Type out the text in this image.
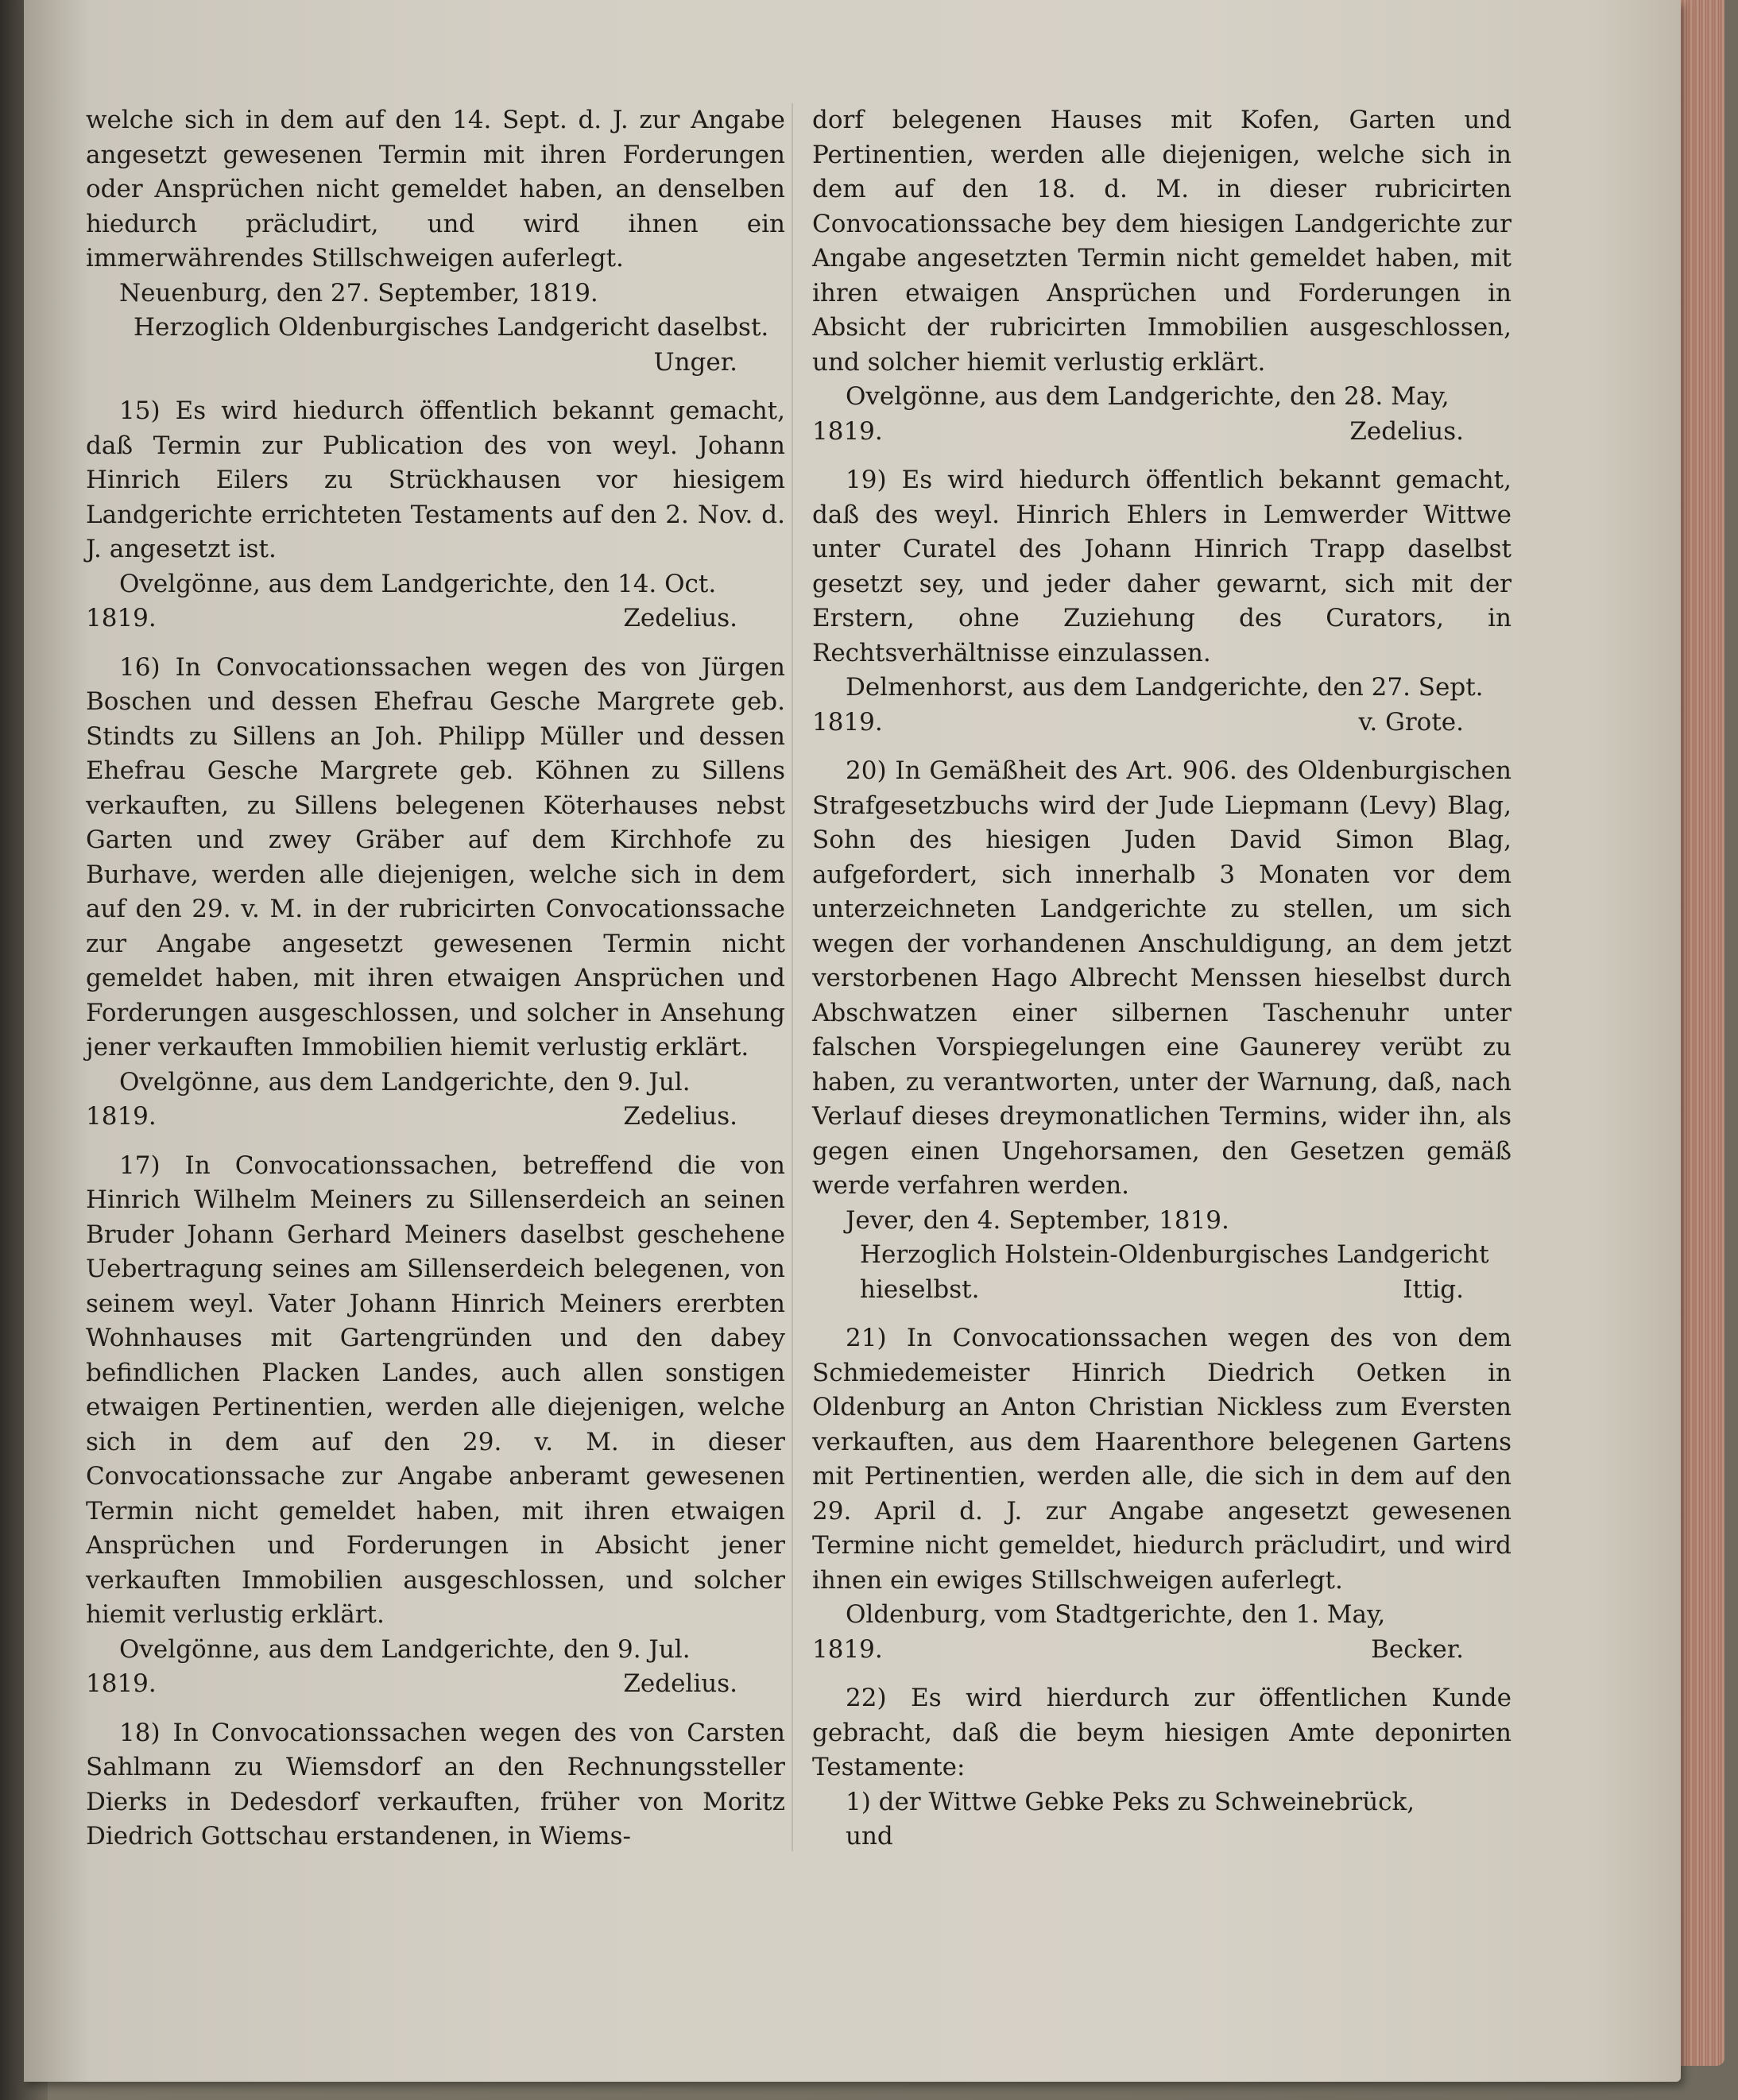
welche sich in dem auf den 14. Sept. d. J. zur Angabe angesetzt gewesenen Termin mit ihren Forderungen oder Ansprüchen nicht gemeldet haben, an denselben hiedurch präcludirt, und wird ihnen ein immerwährendes Stillschweigen auferlegt.

Neuenburg, den 27. September, 1819.

Herzoglich Oldenburgisches Landgericht daselbst.

Unger.

15) Es wird hiedurch öffentlich bekannt gemacht, daß Termin zur Publication des von weyl. Johann Hinrich Eilers zu Strückhausen vor hiesigem Landgerichte errichteten Testaments auf den 2. Nov. d. J. angesetzt ist.

Ovelgönne, aus dem Landgerichte, den 14. Oct.

1819.	Zedelius.

16) In Convocationssachen wegen des von Jürgen Boschen und dessen Ehefrau Gesche Margrete geb. Stindts zu Sillens an Joh. Philipp Müller und dessen Ehefrau Gesche Margrete geb. Köhnen zu Sillens verkauften, zu Sillens belegenen Köterhauses nebst Garten und zwey Gräber auf dem Kirchhofe zu Burhave, werden alle diejenigen, welche sich in dem auf den 29. v. M. in der rubricirten Convocationssache zur Angabe angesetzt gewesenen Termin nicht gemeldet haben, mit ihren etwaigen Ansprüchen und Forderungen ausgeschlossen, und solcher in Ansehung jener verkauften Immobilien hiemit verlustig erklärt.

Ovelgönne, aus dem Landgerichte, den 9. Jul.

1819.	Zedelius.

17) In Convocationssachen, betreffend die von Hinrich Wilhelm Meiners zu Sillenserdeich an seinen Bruder Johann Gerhard Meiners daselbst geschehene Uebertragung seines am Sillenserdeich belegenen, von seinem weyl. Vater Johann Hinrich Meiners ererbten Wohnhauses mit Gartengründen und den dabey befindlichen Placken Landes, auch allen sonstigen etwaigen Pertinentien, werden alle diejenigen, welche sich in dem auf den 29. v. M. in dieser Convocationssache zur Angabe anberamt gewesenen Termin nicht gemeldet haben, mit ihren etwaigen Ansprüchen und Forderungen in Absicht jener verkauften Immobilien ausgeschlossen, und solcher hiemit verlustig erklärt.

Ovelgönne, aus dem Landgerichte, den 9. Jul.

1819.	Zedelius.

18) In Convocationssachen wegen des von Carsten Sahlmann zu Wiemsdorf an den Rechnungssteller Dierks in Dedesdorf verkauften, früher von Moritz Diedrich Gottschau erstandenen, in Wiems-

dorf belegenen Hauses mit Kofen, Garten und Pertinentien, werden alle diejenigen, welche sich in dem auf den 18. d. M. in dieser rubricirten Convocationssache bey dem hiesigen Landgerichte zur Angabe angesetzten Termin nicht gemeldet haben, mit ihren etwaigen Ansprüchen und Forderungen in Absicht der rubricirten Immobilien ausgeschlossen, und solcher hiemit verlustig erklärt.

Ovelgönne, aus dem Landgerichte, den 28. May,

1819.	Zedelius.

19) Es wird hiedurch öffentlich bekannt gemacht, daß des weyl. Hinrich Ehlers in Lemwerder Wittwe unter Curatel des Johann Hinrich Trapp daselbst gesetzt sey, und jeder daher gewarnt, sich mit der Erstern, ohne Zuziehung des Curators, in Rechtsverhältnisse einzulassen.

Delmenhorst, aus dem Landgerichte, den 27. Sept.

1819.	v. Grote.

20) In Gemäßheit des Art. 906. des Oldenburgischen Strafgesetzbuchs wird der Jude Liepmann (Levy) Blag, Sohn des hiesigen Juden David Simon Blag, aufgefordert, sich innerhalb 3 Monaten vor dem unterzeichneten Landgerichte zu stellen, um sich wegen der vorhandenen Anschuldigung, an dem jetzt verstorbenen Hago Albrecht Menssen hieselbst durch Abschwatzen einer silbernen Taschenuhr unter falschen Vorspiegelungen eine Gaunerey verübt zu haben, zu verantworten, unter der Warnung, daß, nach Verlauf dieses dreymonatlichen Termins, wider ihn, als gegen einen Ungehorsamen, den Gesetzen gemäß werde verfahren werden.

Jever, den 4. September, 1819.

Herzoglich Holstein-Oldenburgisches Landgericht

hieselbst.	Ittig.

21) In Convocationssachen wegen des von dem Schmiedemeister Hinrich Diedrich Oetken in Oldenburg an Anton Christian Nickless zum Eversten verkauften, aus dem Haarenthore belegenen Gartens mit Pertinentien, werden alle, die sich in dem auf den 29. April d. J. zur Angabe angesetzt gewesenen Termine nicht gemeldet, hiedurch präcludirt, und wird ihnen ein ewiges Stillschweigen auferlegt.

Oldenburg, vom Stadtgerichte, den 1. May,

1819.	Becker.

22) Es wird hierdurch zur öffentlichen Kunde gebracht, daß die beym hiesigen Amte deponirten Testamente:

1) der Wittwe Gebke Peks zu Schweinebrück,

und
